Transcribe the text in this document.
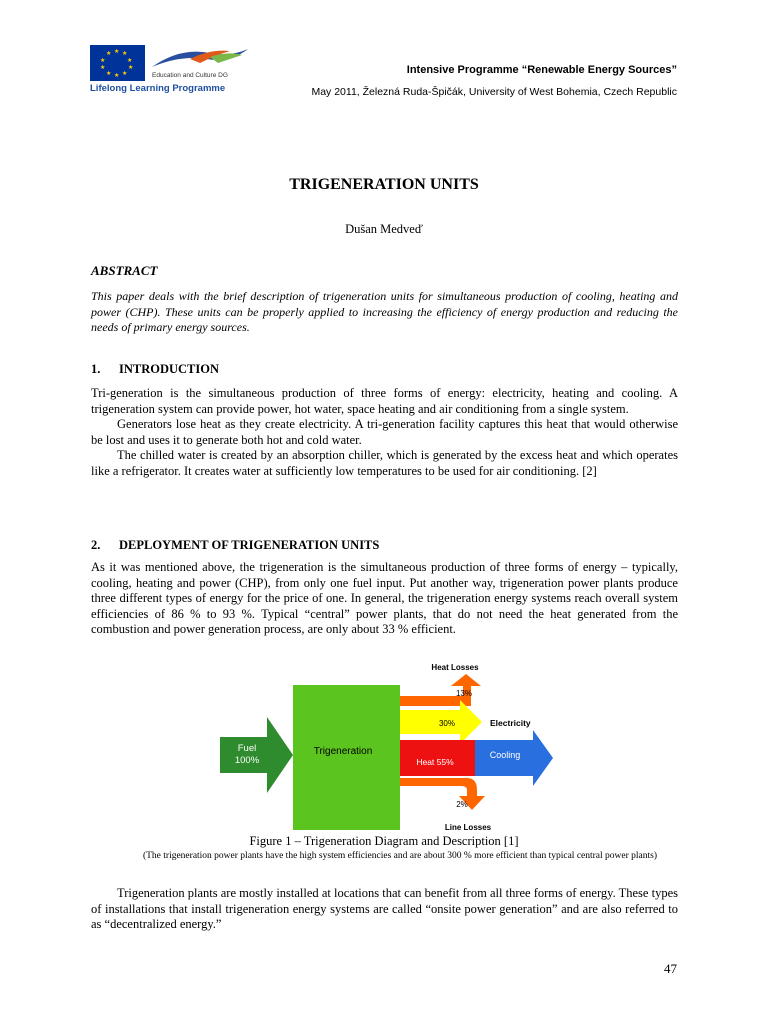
★ ★
★
★
★
★
★
★
★
★
Education and Culture DG
Lifelong Learning Programme
Intensive Programme “Renewable Energy Sources”
May 2011, Železná Ruda-Špičák, University of West Bohemia, Czech Republic
TRIGENERATION UNITS
Dušan Medveď
ABSTRACT
This paper deals with the brief description of trigeneration units for simultaneous production of cooling, heating and power (CHP). These units can be properly applied to increasing the efficiency of energy production and reducing the needs of primary energy sources.
1. INTRODUCTION
Tri-generation is the simultaneous production of three forms of energy: electricity, heating and cooling. A trigeneration system can provide power, hot water, space heating and air conditioning from a single system.
Generators lose heat as they create electricity. A tri-generation facility captures this heat that would otherwise be lost and uses it to generate both hot and cold water.
The chilled water is created by an absorption chiller, which is generated by the excess heat and which operates like a refrigerator. It creates water at sufficiently low temperatures to be used for air conditioning. [2]
2. DEPLOYMENT OF TRIGENERATION UNITS
As it was mentioned above, the trigeneration is the simultaneous production of three forms of energy – typically, cooling, heating and power (CHP), from only one fuel input. Put another way, trigeneration power plants produce three different types of energy for the price of one. In general, the trigeneration energy systems reach overall system efficiencies of 86 % to 93 %. Typical “central” power plants, that do not need the heat generated from the combustion and power generation process, are only about 33 % efficient.
Fuel
100%
Trigeneration
Heat Losses
13%
30%	Electricity
Heat 55%
Cooling
2%
Line Losses
Figure 1 – Trigeneration Diagram and Description [1]
(The trigeneration power plants have the high system efficiencies and are about 300 % more efficient than typical central power plants)
Trigeneration plants are mostly installed at locations that can benefit from all three forms of energy. These types of installations that install trigeneration energy systems are called “onsite power generation” and are also referred to as “decentralized energy.”
47
